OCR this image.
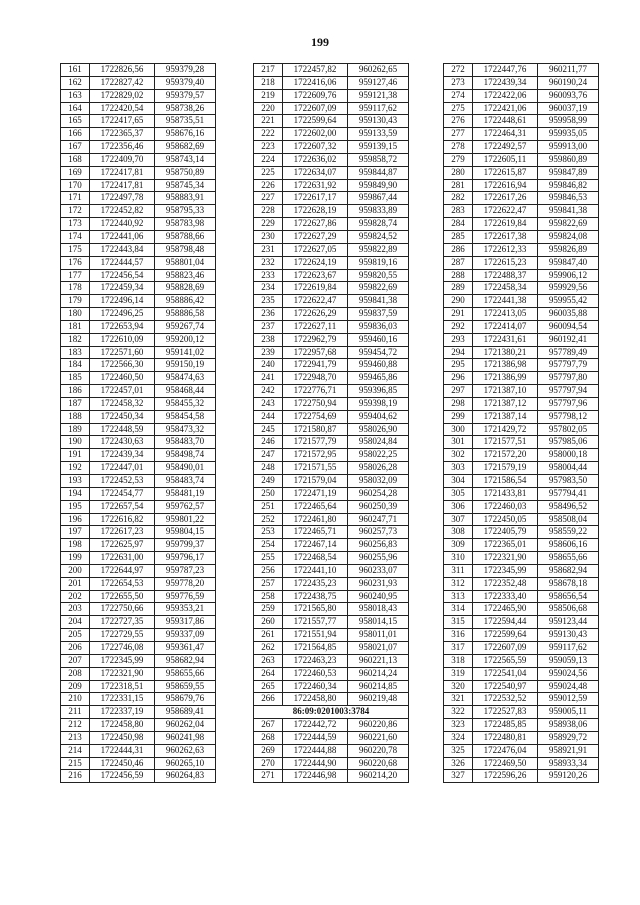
199
161	1722826,56	959379,28
162	1722827,42	959379,40
163	1722829,02	959379,57
164	1722420,54	958738,26
165	1722417,65	958735,51
166	1722365,37	958676,16
167	1722356,46	958682,69
168	1722409,70	958743,14
169	1722417,81	958750,89
170	1722417,81	958745,34
171	1722497,78	958883,91
172	1722452,82	958795,33
173	1722440,92	958783,98
174	1722441,06	958788,66
175	1722443,84	958798,48
176	1722444,57	958801,04
177	1722456,54	958823,46
178	1722459,34	958828,69
179	1722496,14	958886,42
180	1722496,25	958886,58
181	1722653,94	959267,74
182	1722610,09	959200,12
183	1722571,60	959141,02
184	1722566,30	959150,19
185	1722460,50	958474,63
186	1722457,01	958468,44
187	1722458,32	958455,32
188	1722450,34	958454,58
189	1722448,59	958473,32
190	1722430,63	958483,70
191	1722439,34	958498,74
192	1722447,01	958490,01
193	1722452,53	958483,74
194	1722454,77	958481,19
195	1722657,54	959762,57
196	1722616,82	959801,22
197	1722617,23	959804,15
198	1722625,97	959799,37
199	1722631,00	959796,17
200	1722644,97	959787,23
201	1722654,53	959778,20
202	1722655,50	959776,59
203	1722750,66	959353,21
204	1722727,35	959317,86
205	1722729,55	959337,09
206	1722746,08	959361,47
207	1722345,99	958682,94
208	1722321,90	958655,66
209	1722318,51	958659,55
210	1722331,15	958679,76
211	1722337,19	958689,41
212	1722458,80	960262,04
213	1722450,98	960241,98
214	1722444,31	960262,63
215	1722450,46	960265,10
216	1722456,59	960264,83
217	1722457,82	960262,65
218	1722416,06	959127,46
219	1722609,76	959121,38
220	1722607,09	959117,62
221	1722599,64	959130,43
222	1722602,00	959133,59
223	1722607,32	959139,15
224	1722636,02	959858,72
225	1722634,07	959844,87
226	1722631,92	959849,90
227	1722617,17	959867,44
228	1722628,19	959833,89
229	1722627,86	959828,74
230	1722627,29	959824,52
231	1722627,05	959822,89
232	1722624,19	959819,16
233	1722623,67	959820,55
234	1722619,84	959822,69
235	1722622,47	959841,38
236	1722626,29	959837,59
237	1722627,11	959836,03
238	1722962,79	959460,16
239	1722957,68	959454,72
240	1722941,79	959460,88
241	1722948,70	959465,86
242	1722776,71	959396,85
243	1722750,94	959398,19
244	1722754,69	959404,62
245	1721580,87	958026,90
246	1721577,79	958024,84
247	1721572,95	958022,25
248	1721571,55	958026,28
249	1721579,04	958032,09
250	1722471,19	960254,28
251	1722465,64	960250,39
252	1722461,80	960247,71
253	1722465,71	960257,73
254	1722467,14	960256,83
255	1722468,54	960255,96
256	1722441,10	960233,07
257	1722435,23	960231,93
258	1722438,75	960240,95
259	1721565,80	958018,43
260	1721557,77	958014,15
261	1721551,94	958011,01
262	1721564,85	958021,07
263	1722463,23	960221,13
264	1722460,53	960214,24
265	1722460,34	960214,85
266	1722458,80	960219,48
86:09:0201003:3784		
267	1722442,72	960220,86
268	1722444,59	960221,60
269	1722444,88	960220,78
270	1722444,90	960220,68
271	1722446,98	960214,20
272	1722447,76	960211,77
273	1722439,34	960190,24
274	1722422,06	960093,76
275	1722421,06	960037,19
276	1722448,61	959958,99
277	1722464,31	959935,05
278	1722492,57	959913,00
279	1722605,11	959860,89
280	1722615,87	959847,89
281	1722616,94	959846,82
282	1722617,26	959846,53
283	1722622,47	959841,38
284	1722619,84	959822,69
285	1722617,38	959824,08
286	1722612,33	959826,89
287	1722615,23	959847,40
288	1722488,37	959906,12
289	1722458,34	959929,56
290	1722441,38	959955,42
291	1722413,05	960035,88
292	1722414,07	960094,54
293	1722431,61	960192,41
294	1721380,21	957789,49
295	1721386,98	957797,79
296	1721386,99	957797,80
297	1721387,10	957797,94
298	1721387,12	957797,96
299	1721387,14	957798,12
300	1721429,72	957802,05
301	1721577,51	957985,06
302	1721572,20	958000,18
303	1721579,19	958004,44
304	1721586,54	957983,50
305	1721433,81	957794,41
306	1722460,03	958496,52
307	1722450,05	958508,04
308	1722405,79	958559,22
309	1722365,01	958606,16
310	1722321,90	958655,66
311	1722345,99	958682,94
312	1722352,48	958678,18
313	1722333,40	958656,54
314	1722465,90	958506,68
315	1722594,44	959123,44
316	1722599,64	959130,43
317	1722607,09	959117,62
318	1722565,59	959059,13
319	1722541,04	959024,56
320	1722540,97	959024,48
321	1722532,52	959012,59
322	1722527,83	959005,11
323	1722485,85	958938,06
324	1722480,81	958929,72
325	1722476,04	958921,91
326	1722469,50	958933,34
327	1722596,26	959120,26
